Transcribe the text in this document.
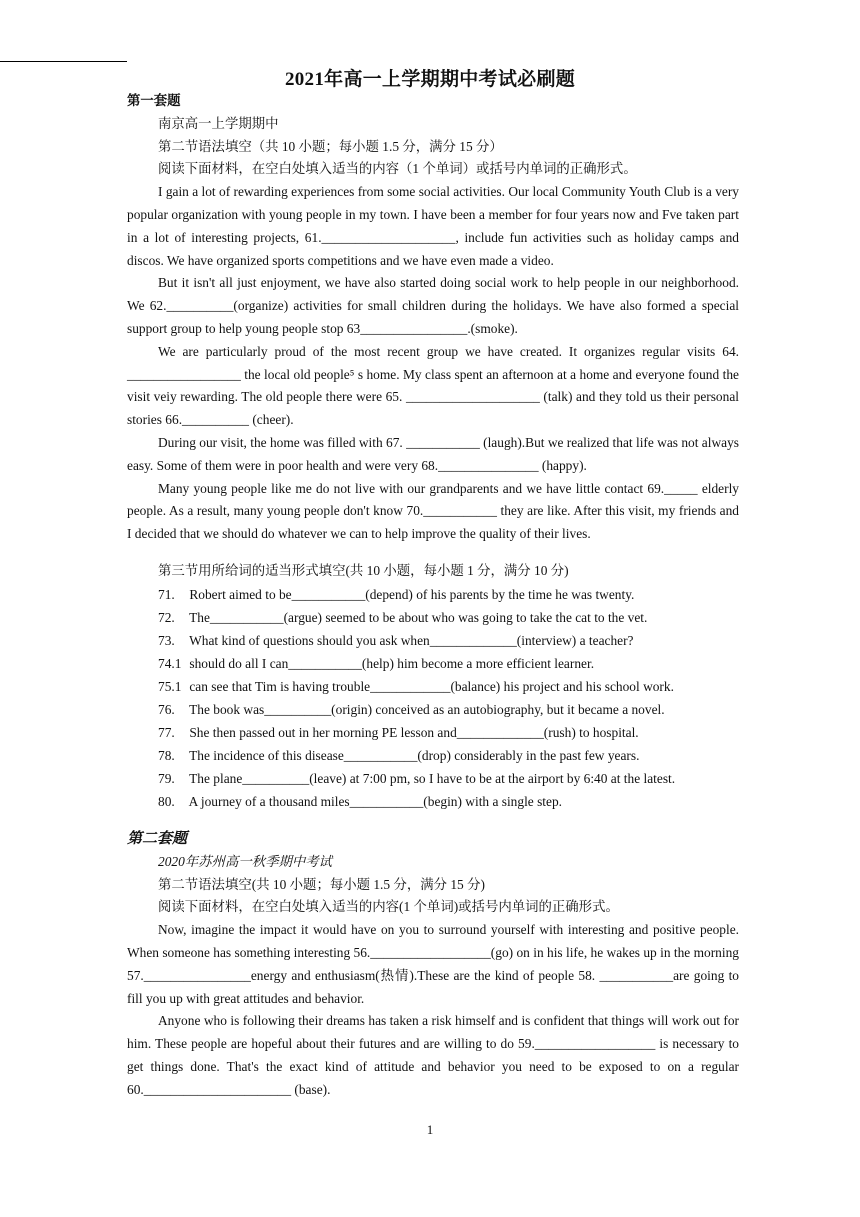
2021年高一上学期期中考试必刷题
第一套题
南京高一上学期期中
第二节语法填空（共 10 小题；每小题 1.5 分，满分 15 分）
阅读下面材料，在空白处填入适当的内容（1 个单词）或括号内单词的正确形式。
I gain a lot of rewarding experiences from some social activities. Our local Community Youth Club is a very popular organization with young people in my town. I have been a member for four years now and Fve taken part in a lot of interesting projects, 61.____________________, include fun activities such as holiday camps and discos. We have organized sports competitions and we have even made a video.
But it isn't all just enjoyment, we have also started doing social work to help people in our neighborhood. We 62.__________(organize) activities for small children during the holidays. We have also formed a special support group to help young people stop 63________________.(smoke).
We are particularly proud of the most recent group we have created. It organizes regular visits 64. _________________ the local old people⁵ s home. My class spent an afternoon at a home and everyone found the visit veiy rewarding. The old people there were 65. ____________________ (talk) and they told us their personal stories 66.__________ (cheer).
During our visit, the home was filled with 67. ___________ (laugh).But we realized that life was not always easy. Some of them were in poor health and were very 68._______________ (happy).
Many young people like me do not live with our grandparents and we have little contact 69._____ elderly people. As a result, many young people don't know 70.___________ they are like. After this visit, my friends and I decided that we should do whatever we can to help improve the quality of their lives.
第三节用所给词的适当形式填空(共 10 小题，每小题 1 分，满分 10 分)
71. Robert aimed to be___________(depend) of his parents by the time he was twenty.
72. The___________(argue) seemed to be about who was going to take the cat to the vet.
73. What kind of questions should you ask when_____________(interview) a teacher?
74.1 should do all I can___________(help) him become a more efficient learner.
75.1 can see that Tim is having trouble____________(balance) his project and his school work.
76. The book was__________(origin) conceived as an autobiography, but it became a novel.
77. She then passed out in her morning PE lesson and_____________(rush) to hospital.
78. The incidence of this disease___________(drop) considerably in the past few years.
79. The plane__________(leave) at 7:00 pm, so I have to be at the airport by 6:40 at the latest.
80. A journey of a thousand miles___________(begin) with a single step.
第二套题
2020年苏州高一秋季期中考试
第二节语法填空(共 10 小题；每小题 1.5 分，满分 15 分)
阅读下面材料，在空白处填入适当的内容(1 个单词)或括号内单词的正确形式。
Now, imagine the impact it would have on you to surround yourself with interesting and positive people. When someone has something interesting 56.__________________(go) on in his life, he wakes up in the morning 57.________________energy and enthusiasm(热情).These are the kind of people 58. ___________are going to fill you up with great attitudes and behavior.
Anyone who is following their dreams has taken a risk himself and is confident that things will work out for him. These people are hopeful about their futures and are willing to do 59.__________________ is necessary to get things done. That's the exact kind of attitude and behavior you need to be exposed to on a regular 60.______________________ (base).
1
